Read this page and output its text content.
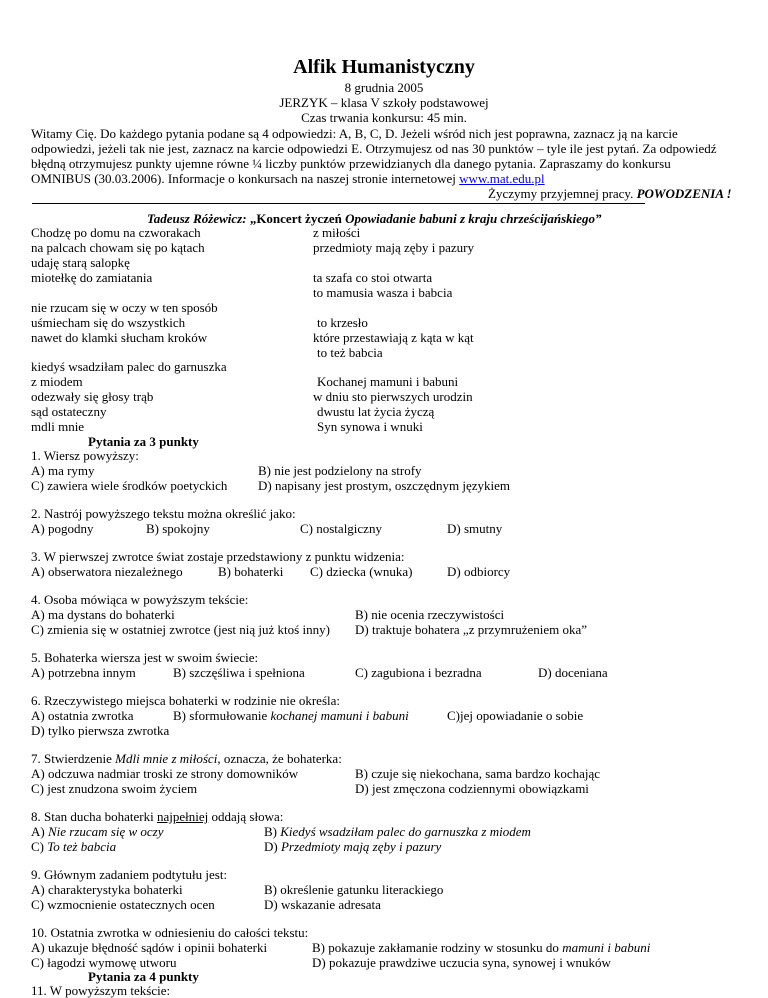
Alfik Humanistyczny
8 grudnia 2005
JERZYK – klasa V szkoły podstawowej
Czas trwania konkursu: 45 min.
Witamy Cię. Do każdego pytania podane są 4 odpowiedzi: A, B, C, D. Jeżeli wśród nich jest poprawna, zaznacz ją na karcie
odpowiedzi, jeżeli tak nie jest, zaznacz na karcie odpowiedzi E. Otrzymujesz od nas 30 punktów – tyle ile jest pytań. Za odpowiedź
błędną otrzymujesz punkty ujemne równe ¼ liczby punktów przewidzianych dla danego pytania. Zapraszamy do konkursu
OMNIBUS (30.03.2006). Informacje o konkursach na naszej stronie internetowej www.mat.edu.pl
Życzymy przyjemnej pracy. POWODZENIA !
Tadeusz Różewicz: „Koncert życzeń Opowiadanie babuni z kraju chrześcijańskiego”
Chodzę po domu na czworakach
na palcach chowam się po kątach
udaję starą salopkę
miotełkę do zamiatania
nie rzucam się w oczy w ten sposób
uśmiecham się do wszystkich
nawet do klamki słucham kroków
kiedyś wsadziłam palec do garnuszka
z miodem
odezwały się głosy trąb
sąd ostateczny
mdli mnie
z miłości
przedmioty mają zęby i pazury
ta szafa co stoi otwarta
to mamusia wasza i babcia
to krzesło
które przestawiają z kąta w kąt
to też babcia
Kochanej mamuni i babuni
w dniu sto pierwszych urodzin
dwustu lat życia życzą
Syn synowa i wnuki
Pytania za 3 punkty
1. Wiersz powyższy:
A) ma rymy	B) nie jest podzielony na strofy
C) zawiera wiele środków poetyckich D) napisany jest prostym, oszczędnym językiem
2. Nastrój powyższego tekstu można określić jako:
A) pogodny	B) spokojny	C) nostalgiczny	D) smutny
3. W pierwszej zwrotce świat zostaje przedstawiony z punktu widzenia:
A) obserwatora niezależnego	B) bohaterki C) dziecka (wnuka)	D) odbiorcy
4. Osoba mówiąca w powyższym tekście:
A) ma dystans do bohaterki	B) nie ocenia rzeczywistości
C) zmienia się w ostatniej zwrotce (jest nią już ktoś inny) D) traktuje bohatera „z przymrużeniem oka”
5. Bohaterka wiersza jest w swoim świecie:
A) potrzebna innym	B) szczęśliwa i spełniona	C) zagubiona i bezradna	D) doceniana
6. Rzeczywistego miejsca bohaterki w rodzinie nie określa:
A) ostatnia zwrotka	B) sformułowanie kochanej mamuni i babuni	C)jej opowiadanie o sobie
D) tylko pierwsza zwrotka
7. Stwierdzenie Mdli mnie z miłości, oznacza, że bohaterka:
A) odczuwa nadmiar troski ze strony domowników	B) czuje się niekochana, sama bardzo kochając
C) jest znudzona swoim życiem	D) jest zmęczona codziennymi obowiązkami
8. Stan ducha bohaterki najpełniej oddają słowa:
A) Nie rzucam się w oczy	B) Kiedyś wsadziłam palec do garnuszka z miodem
C) To też babcia	D) Przedmioty mają zęby i pazury
9. Głównym zadaniem podtytułu jest:
A) charakterystyka bohaterki	B) określenie gatunku literackiego
C) wzmocnienie ostatecznych ocen	D) wskazanie adresata
10. Ostatnia zwrotka w odniesieniu do całości tekstu:
A) ukazuje błędność sądów i opinii bohaterki	B) pokazuje zakłamanie rodziny w stosunku do mamuni i babuni
C) łagodzi wymowę utworu	D) pokazuje prawdziwe uczucia syna, synowej i wnuków
Pytania za 4 punkty
11. W powyższym tekście:
